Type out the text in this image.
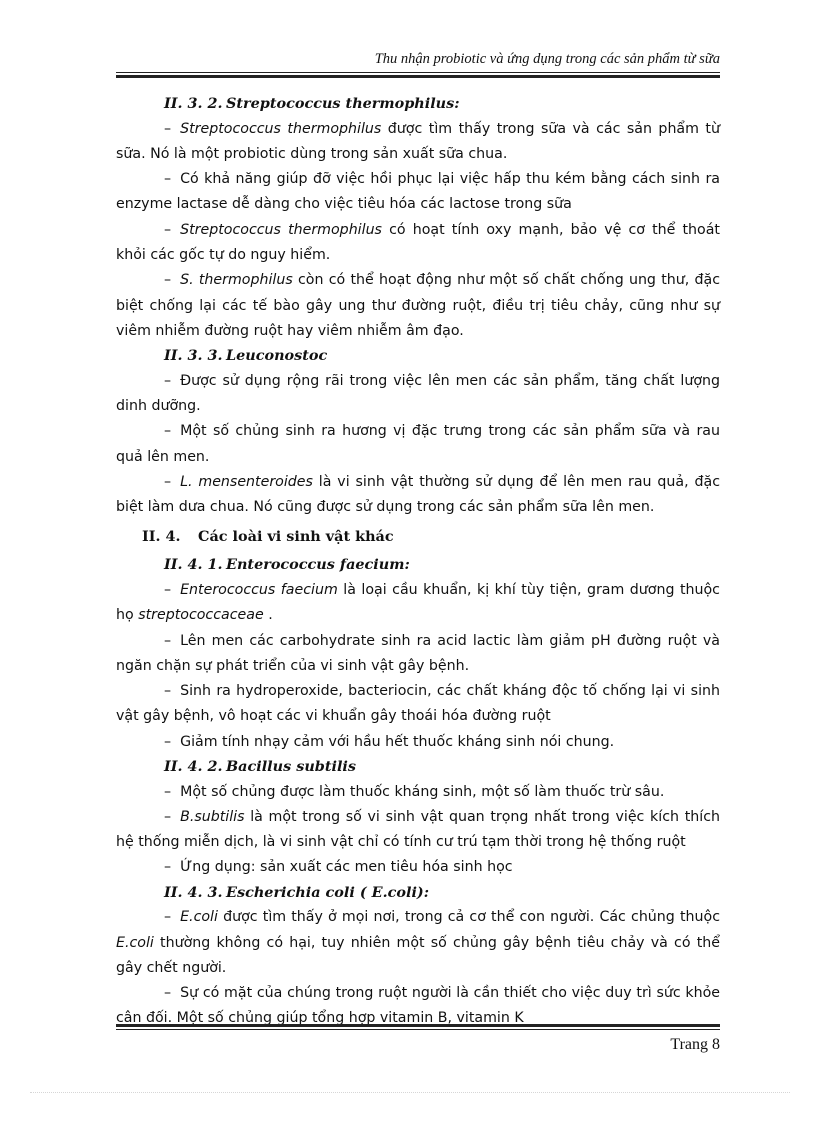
Thu nhận probiotic và ứng dụng trong các sản phẩm từ sữa
II. 3. 2. Streptococcus thermophilus:
– Streptococcus thermophilus được tìm thấy trong sữa và các sản phẩm từ sữa. Nó là một probiotic dùng trong sản xuất sữa chua.
– Có khả năng giúp đỡ việc hồi phục lại việc hấp thu kém bằng cách sinh ra enzyme lactase dễ dàng cho việc tiêu hóa các lactose trong sữa
– Streptococcus thermophilus có hoạt tính oxy mạnh, bảo vệ cơ thể thoát khỏi các gốc tự do nguy hiểm.
– S. thermophilus còn có thể hoạt động như một số chất chống ung thư, đặc biệt chống lại các tế bào gây ung thư đường ruột, điều trị tiêu chảy, cũng như sự viêm nhiễm đường ruột hay viêm nhiễm âm đạo.
II. 3. 3. Leuconostoc
– Được sử dụng rộng rãi trong việc lên men các sản phẩm, tăng chất lượng dinh dưỡng.
– Một số chủng sinh ra hương vị đặc trưng trong các sản phẩm sữa và rau quả lên men.
– L. mensenteroides là vi sinh vật thường sử dụng để lên men rau quả, đặc biệt làm dưa chua. Nó cũng được sử dụng trong các sản phẩm sữa lên men.
II. 4. Các loài vi sinh vật khác
II. 4. 1. Enterococcus faecium:
– Enterococcus faecium là loại cầu khuẩn, kị khí tùy tiện, gram dương thuộc họ streptococcaceae .
– Lên men các carbohydrate sinh ra acid lactic làm giảm pH đường ruột và ngăn chặn sự phát triển của vi sinh vật gây bệnh.
– Sinh ra hydroperoxide, bacteriocin, các chất kháng độc tố chống lại vi sinh vật gây bệnh, vô hoạt các vi khuẩn gây thoái hóa đường ruột
– Giảm tính nhạy cảm với hầu hết thuốc kháng sinh nói chung.
II. 4. 2. Bacillus subtilis
– Một số chủng được làm thuốc kháng sinh, một số làm thuốc trừ sâu.
– B.subtilis là một trong số vi sinh vật quan trọng nhất trong việc kích thích hệ thống miễn dịch, là vi sinh vật chỉ có tính cư trú tạm thời trong hệ thống ruột
– Ứng dụng: sản xuất các men tiêu hóa sinh học
II. 4. 3. Escherichia coli ( E.coli):
– E.coli được tìm thấy ở mọi nơi, trong cả cơ thể con người. Các chủng thuộc E.coli thường không có hại, tuy nhiên một số chủng gây bệnh tiêu chảy và có thể gây chết người.
– Sự có mặt của chúng trong ruột người là cần thiết cho việc duy trì sức khỏe cân đối. Một số chủng giúp tổng hợp vitamin B, vitamin K
Trang 8
